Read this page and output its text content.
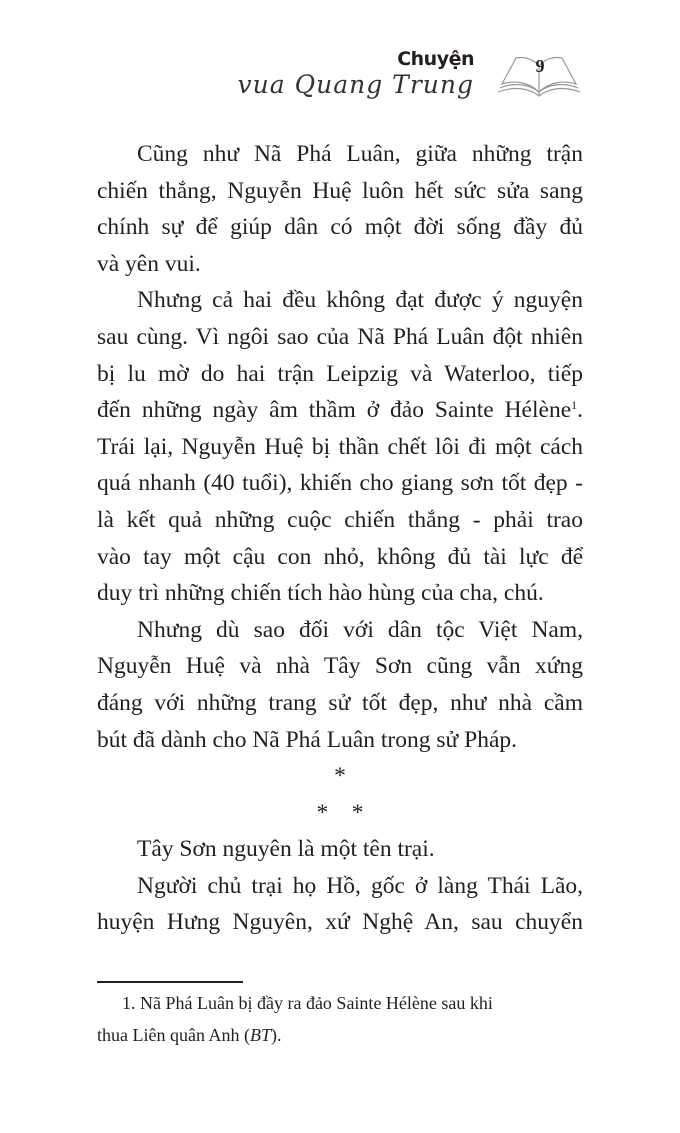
Chuyện
vua Quang Trung
9
Cũng như Nã Phá Luân, giữa những trận
chiến thắng, Nguyễn Huệ luôn hết sức sửa sang
chính sự để giúp dân có một đời sống đầy đủ
và yên vui.
Nhưng cả hai đều không đạt được ý nguyện
sau cùng. Vì ngôi sao của Nã Phá Luân đột nhiên
bị lu mờ do hai trận Leipzig và Waterloo, tiếp
đến những ngày âm thầm ở đảo Sainte Hélène$^1$.
Trái lại, Nguyễn Huệ bị thần chết lôi đi một cách
quá nhanh (40 tuổi), khiến cho giang sơn tốt đẹp -
là kết quả những cuộc chiến thắng - phải trao
vào tay một cậu con nhỏ, không đủ tài lực để
duy trì những chiến tích hào hùng của cha, chú.
Nhưng dù sao đối với dân tộc Việt Nam,
Nguyễn Huệ và nhà Tây Sơn cũng vẫn xứng
đáng với những trang sử tốt đẹp, như nhà cầm
bút đã dành cho Nã Phá Luân trong sử Pháp.
*
*    *
Tây Sơn nguyên là một tên trại.
Người chủ trại họ Hồ, gốc ở làng Thái Lão,
huyện Hưng Nguyên, xứ Nghệ An, sau chuyển
1. Nã Phá Luân bị đầy ra đảo Sainte Hélène sau khi
thua Liên quân Anh (BT).
